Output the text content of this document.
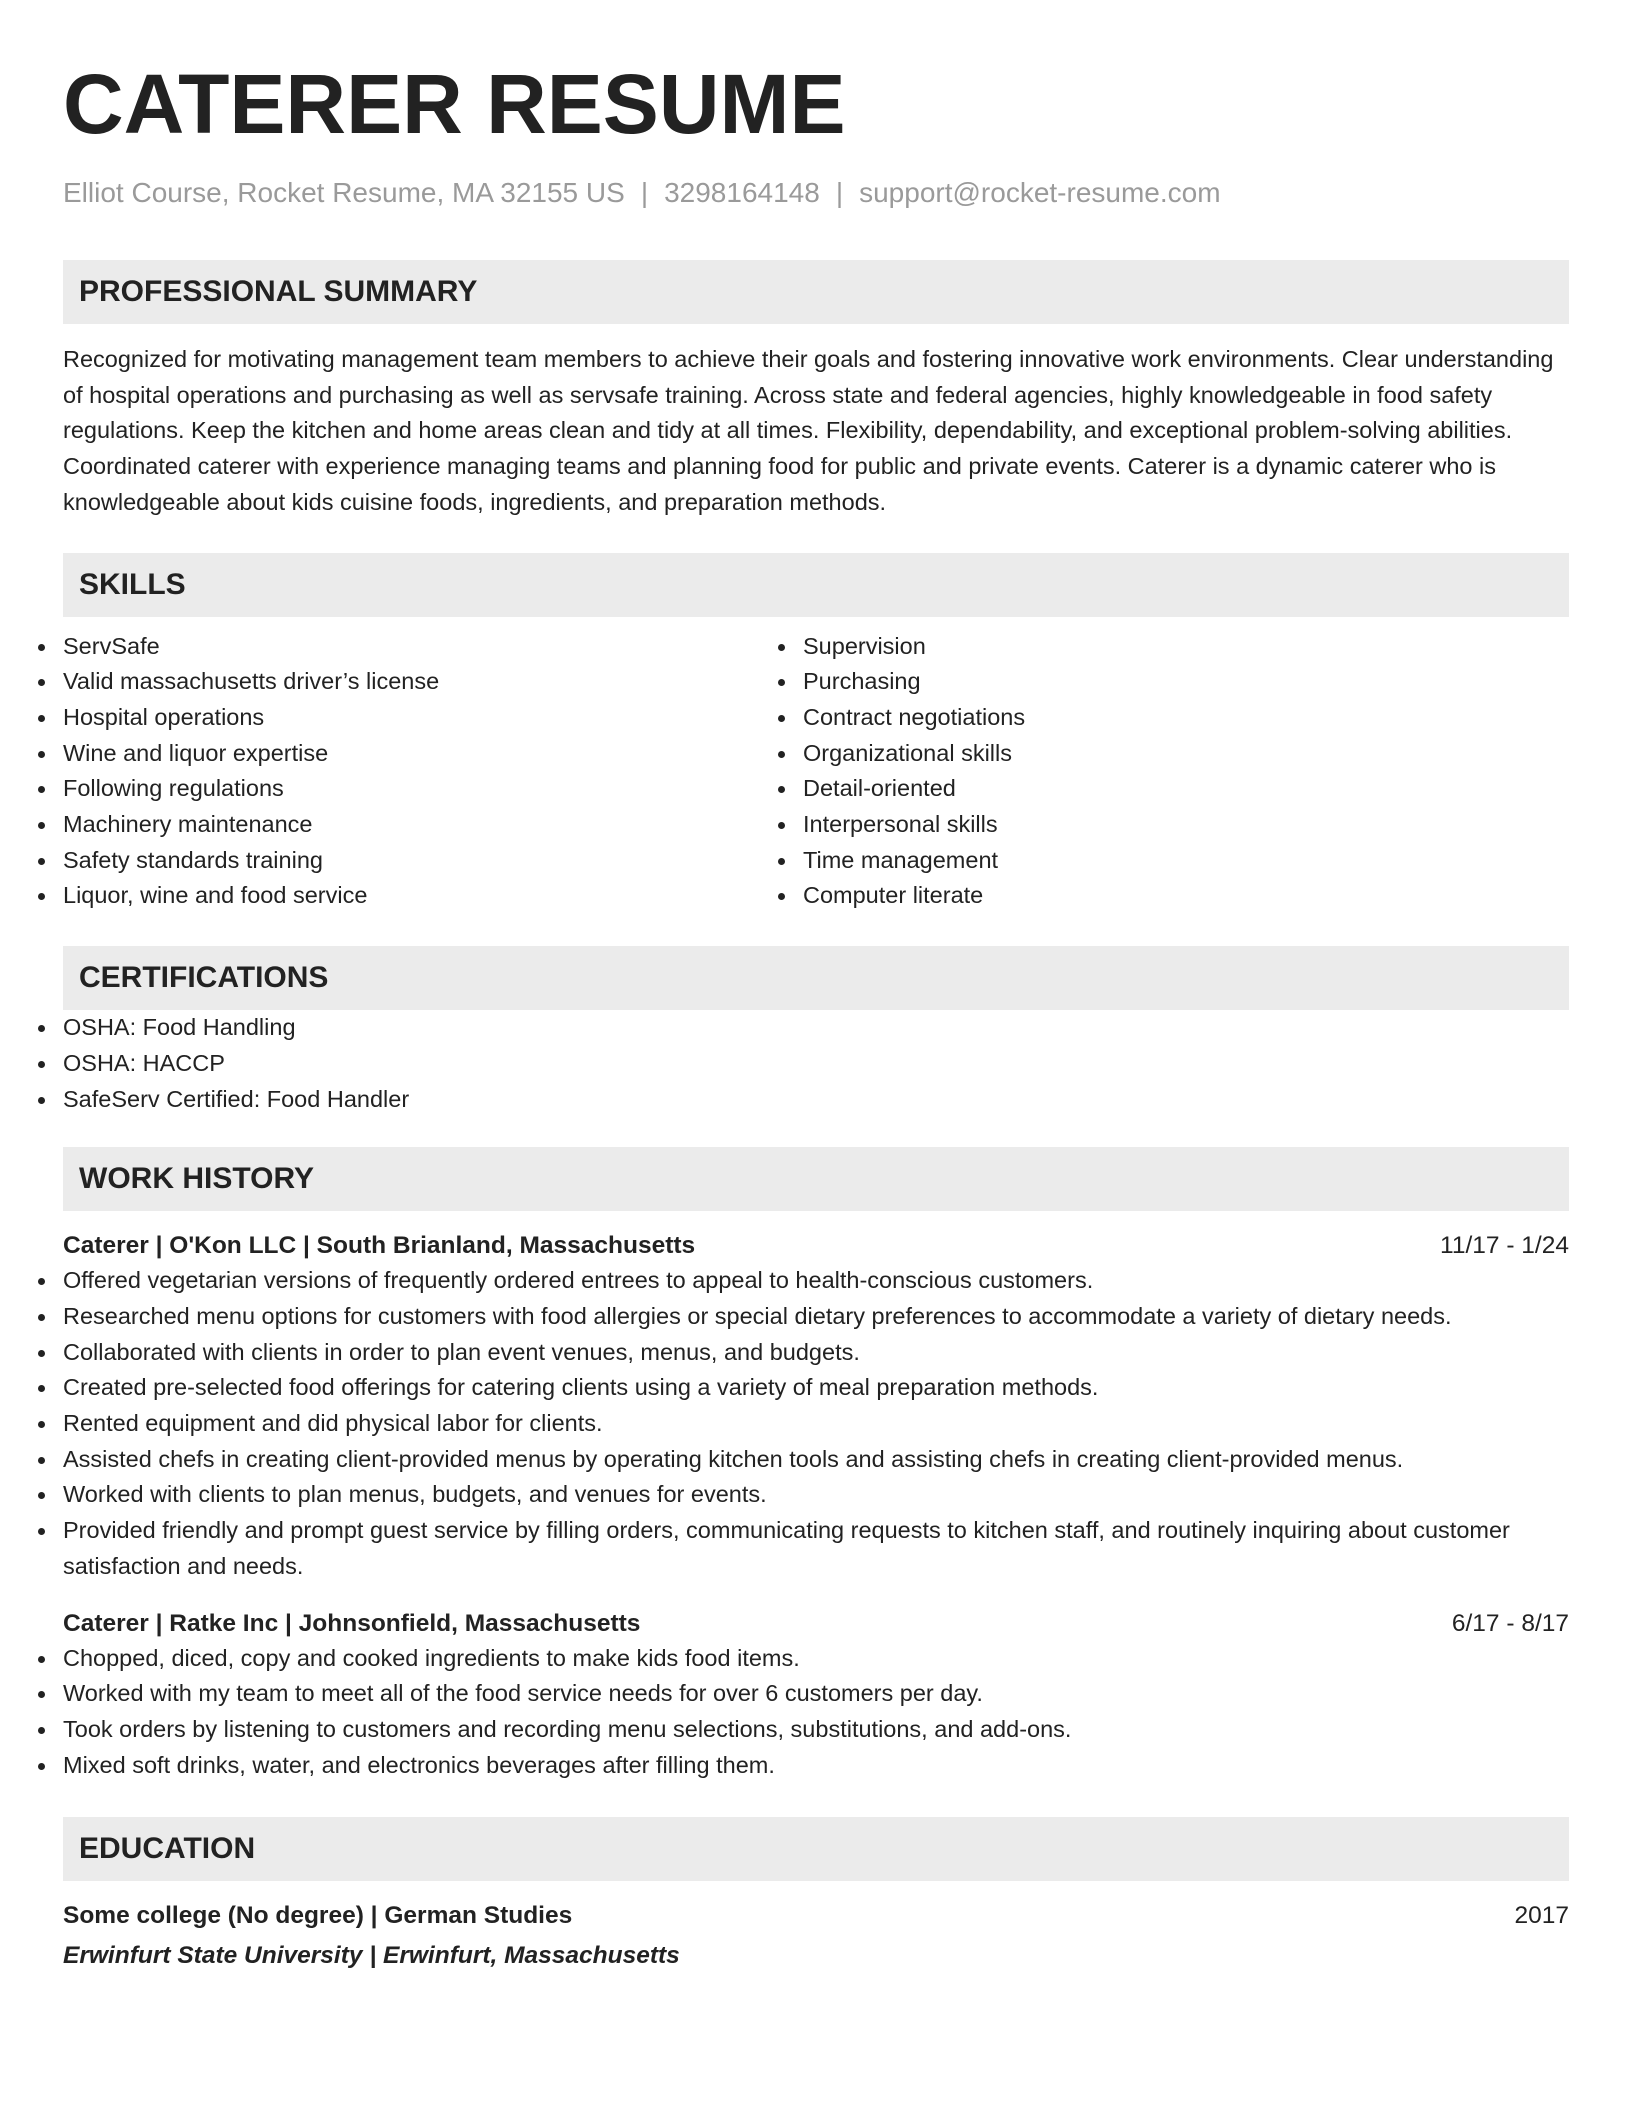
CATERER RESUME
Elliot Course, Rocket Resume, MA 32155 US | 3298164148 | support@rocket-resume.com
PROFESSIONAL SUMMARY

Recognized for motivating management team members to achieve their goals and fostering innovative work environments. Clear understanding of hospital operations and purchasing as well as servsafe training. Across state and federal agencies, highly knowledgeable in food safety regulations. Keep the kitchen and home areas clean and tidy at all times. Flexibility, dependability, and exceptional problem-solving abilities. Coordinated caterer with experience managing teams and planning food for public and private events. Caterer is a dynamic caterer who is knowledgeable about kids cuisine foods, ingredients, and preparation methods.

SKILLS
ServSafe
Valid massachusetts driver’s license
Hospital operations
Wine and liquor expertise
Following regulations
Machinery maintenance
Safety standards training
Liquor, wine and food service
Supervision
Purchasing
Contract negotiations
Organizational skills
Detail-oriented
Interpersonal skills
Time management
Computer literate
CERTIFICATIONS
OSHA: Food Handling
OSHA: HACCP
SafeServ Certified: Food Handler
WORK HISTORY
Caterer | O'Kon LLC | South Brianland, Massachusetts	11/17 - 1/24
Offered vegetarian versions of frequently ordered entrees to appeal to health-conscious customers.
Researched menu options for customers with food allergies or special dietary preferences to accommodate a variety of dietary needs.
Collaborated with clients in order to plan event venues, menus, and budgets.
Created pre-selected food offerings for catering clients using a variety of meal preparation methods.
Rented equipment and did physical labor for clients.
Assisted chefs in creating client-provided menus by operating kitchen tools and assisting chefs in creating client-provided menus.
Worked with clients to plan menus, budgets, and venues for events.
Provided friendly and prompt guest service by filling orders, communicating requests to kitchen staff, and routinely inquiring about customer satisfaction and needs.
Caterer | Ratke Inc | Johnsonfield, Massachusetts	6/17 - 8/17
Chopped, diced, copy and cooked ingredients to make kids food items.
Worked with my team to meet all of the food service needs for over 6 customers per day.
Took orders by listening to customers and recording menu selections, substitutions, and add-ons.
Mixed soft drinks, water, and electronics beverages after filling them.
EDUCATION
Some college (No degree) | German Studies	2017
Erwinfurt State University | Erwinfurt, Massachusetts
